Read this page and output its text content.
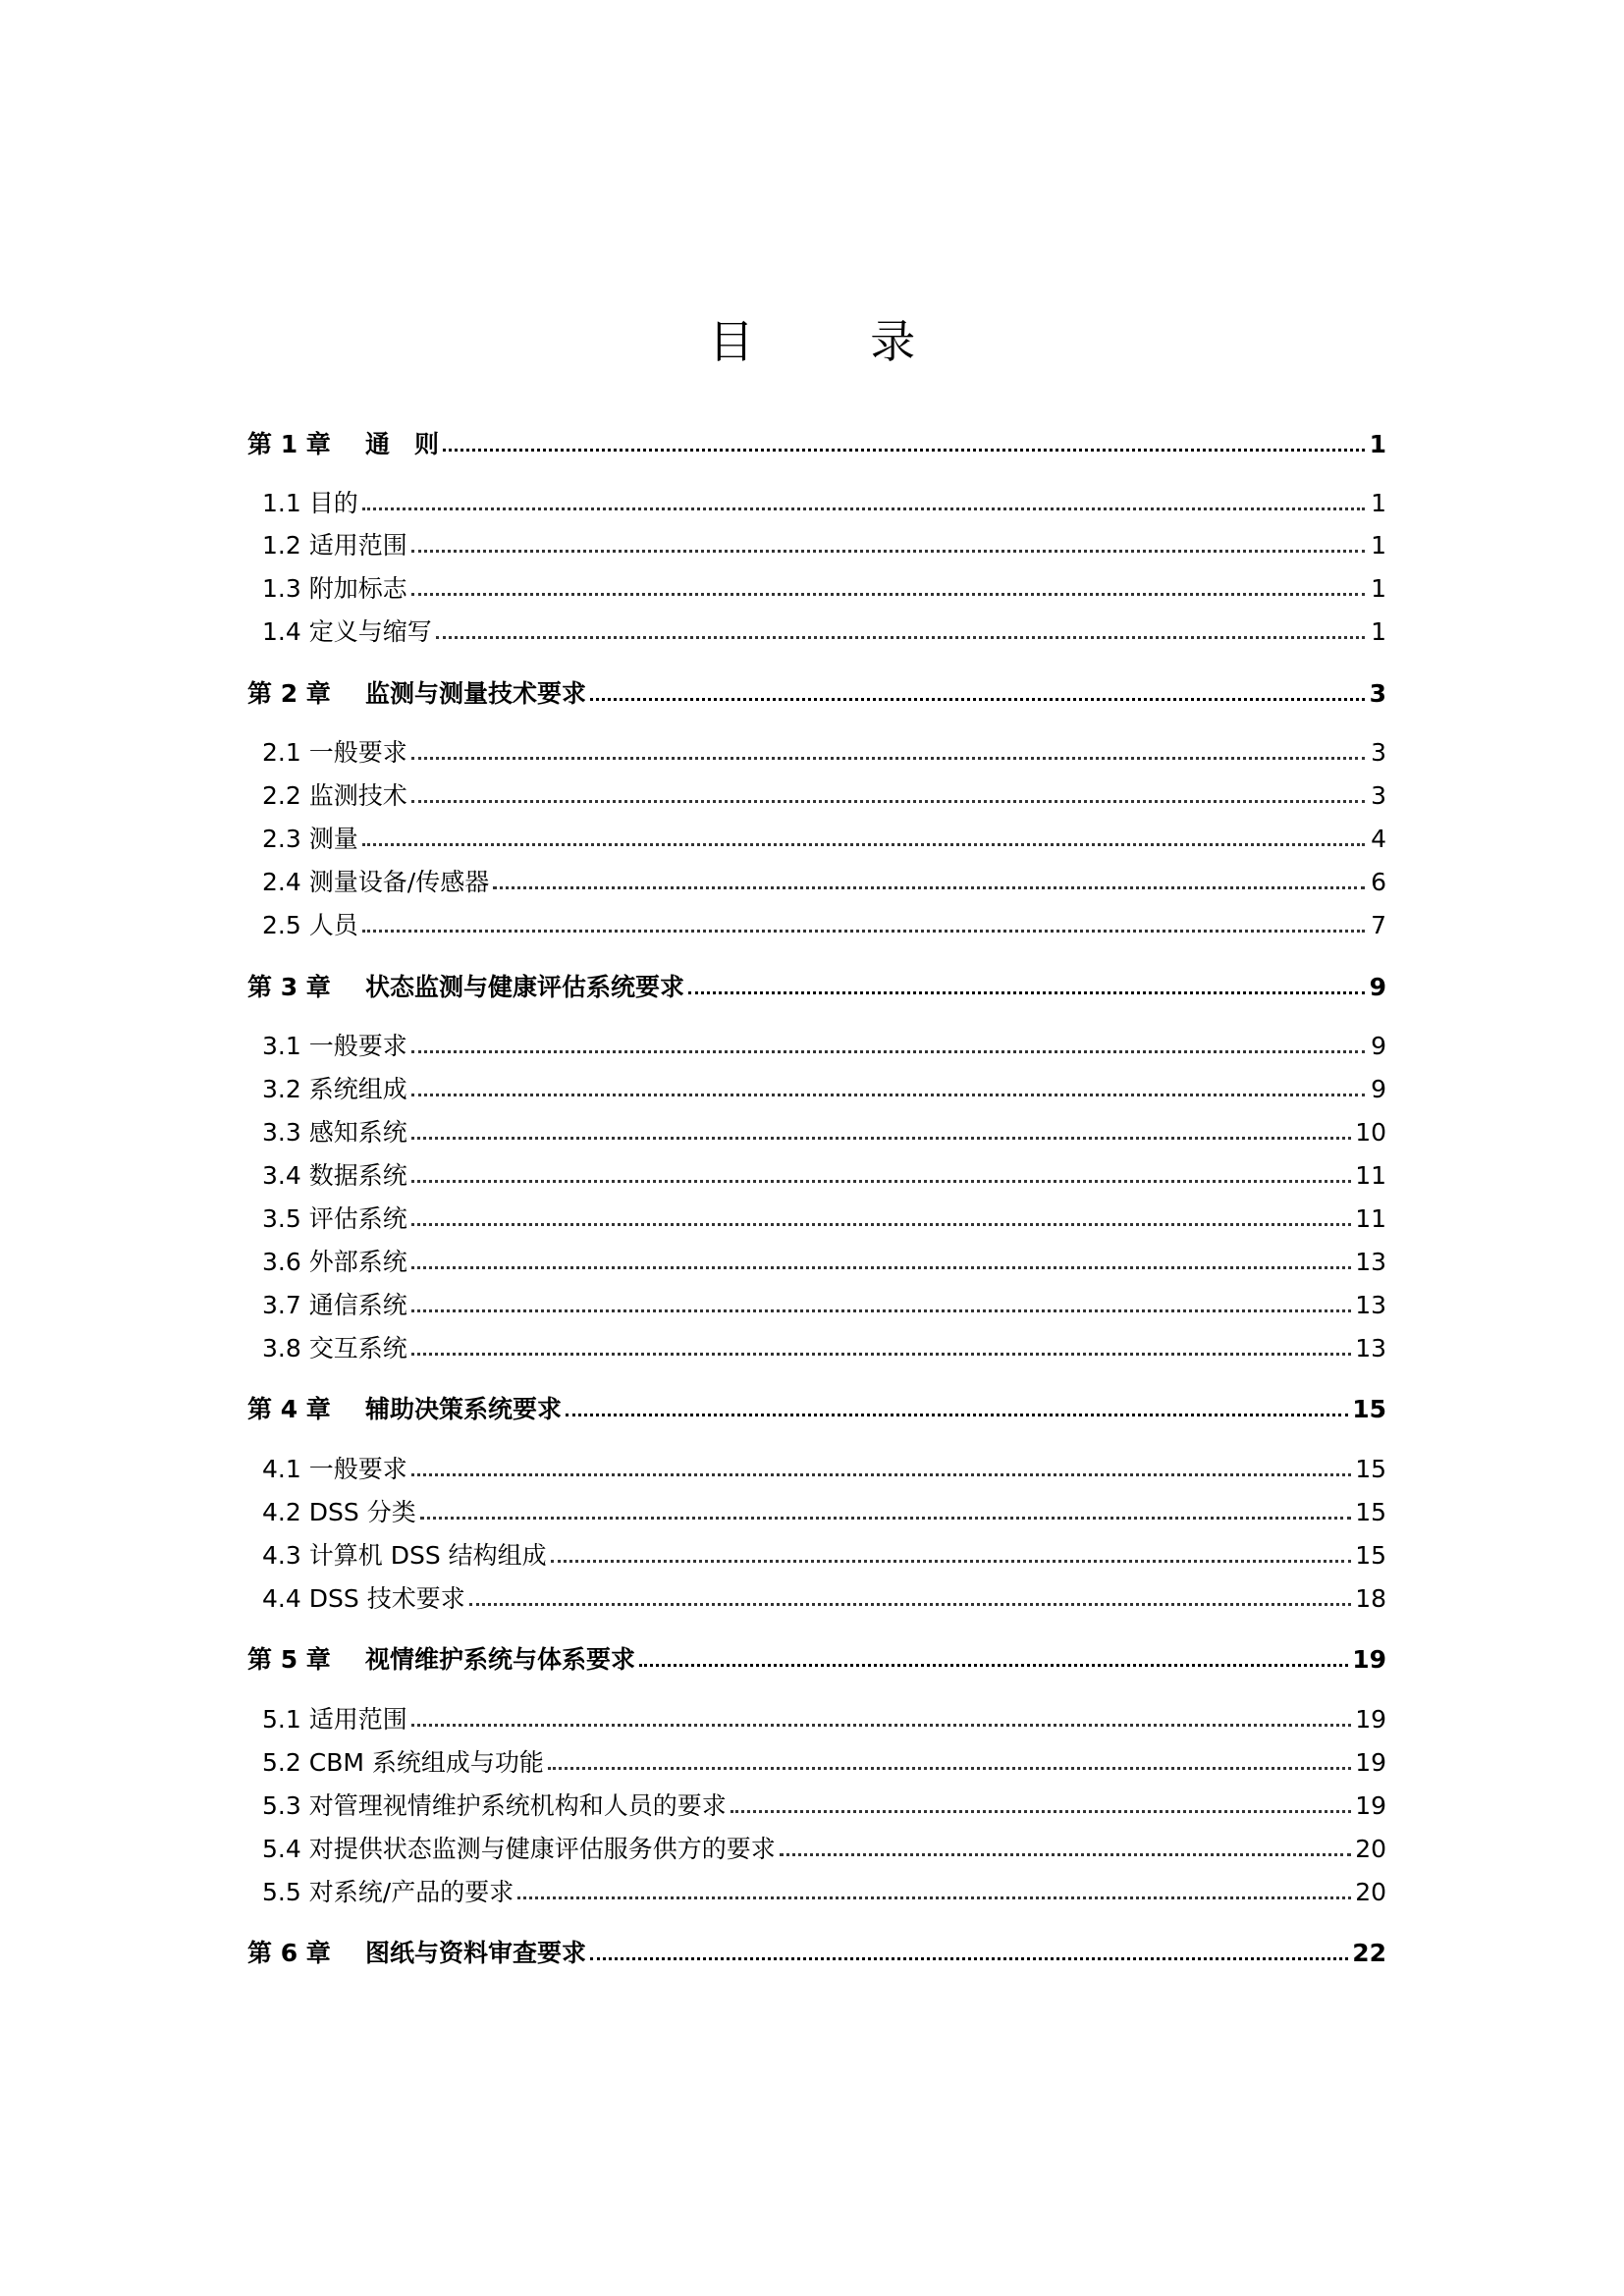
目 录
第 1 章	通　则	1
1.1 目的	1
1.2 适用范围	1
1.3 附加标志	1
1.4 定义与缩写	1
第 2 章	监测与测量技术要求	3
2.1 一般要求	3
2.2 监测技术	3
2.3 测量	4
2.4 测量设备/传感器	6
2.5 人员	7
第 3 章	状态监测与健康评估系统要求	9
3.1 一般要求	9
3.2 系统组成	9
3.3 感知系统	10
3.4 数据系统	11
3.5 评估系统	11
3.6 外部系统	13
3.7 通信系统	13
3.8 交互系统	13
第 4 章	辅助决策系统要求	15
4.1 一般要求	15
4.2 DSS 分类	15
4.3 计算机 DSS 结构组成	15
4.4 DSS 技术要求	18
第 5 章	视情维护系统与体系要求	19
5.1 适用范围	19
5.2 CBM 系统组成与功能	19
5.3 对管理视情维护系统机构和人员的要求	19
5.4 对提供状态监测与健康评估服务供方的要求	20
5.5 对系统/产品的要求	20
第 6 章	图纸与资料审查要求	22
